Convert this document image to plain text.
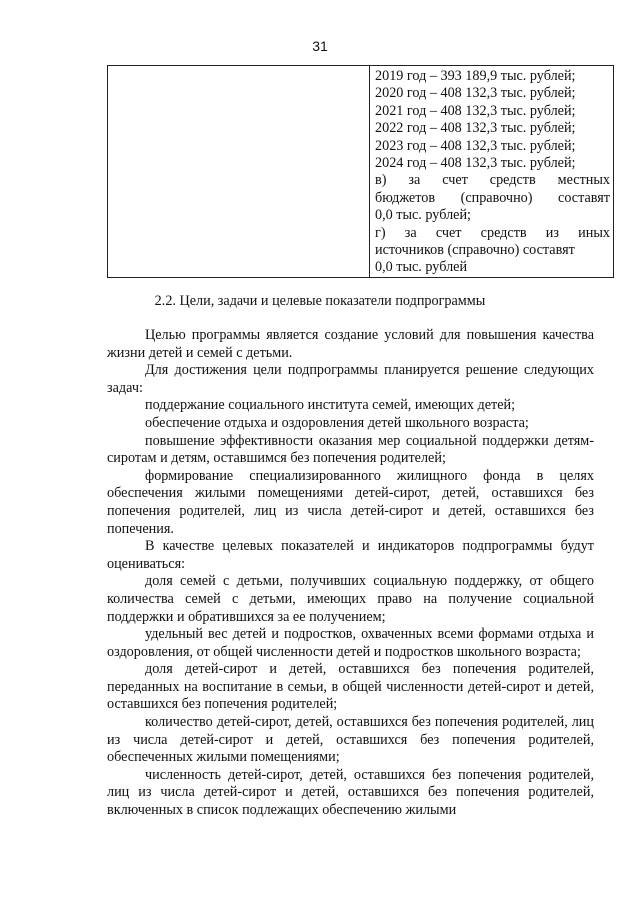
31

2019 год – 393 189,9 тыс. рублей;

2020 год – 408 132,3 тыс. рублей;

2021 год – 408 132,3 тыс. рублей;

2022 год – 408 132,3 тыс. рублей;

2023 год – 408 132,3 тыс. рублей;

2024 год – 408 132,3 тыс. рублей;

в) за счет средств местных

бюджетов (справочно) составят

0,0 тыс. рублей;

г) за счет средств из иных

источников (справочно) составят

0,0 тыс. рублей

2.2. Цели, задачи и целевые показатели подпрограммы

Целью программы является создание условий для повышения качества жизни детей и семей с детьми.

Для достижения цели подпрограммы планируется решение следующих задач:

поддержание социального института семей, имеющих детей;

обеспечение отдыха и оздоровления детей школьного возраста;

повышение эффективности оказания мер социальной поддержки детям-сиротам и детям, оставшимся без попечения родителей;

формирование специализированного жилищного фонда в целях обеспечения жилыми помещениями детей-сирот, детей, оставшихся без попечения родителей, лиц из числа детей-сирот и детей, оставшихся без попечения.

В качестве целевых показателей и индикаторов подпрограммы будут оцениваться:

доля семей с детьми, получивших социальную поддержку, от общего количества семей с детьми, имеющих право на получение социальной поддержки и обратившихся за ее получением;

удельный вес детей и подростков, охваченных всеми формами отдыха и оздоровления, от общей численности детей и подростков школьного возраста;

доля детей-сирот и детей, оставшихся без попечения родителей, переданных на воспитание в семьи, в общей численности детей-сирот и детей, оставшихся без попечения родителей;

количество детей-сирот, детей, оставшихся без попечения родителей, лиц из числа детей-сирот и детей, оставшихся без попечения родителей, обеспеченных жилыми помещениями;

численность детей-сирот, детей, оставшихся без попечения родителей, лиц из числа детей-сирот и детей, оставшихся без попечения родителей, включенных в список подлежащих обеспечению жилыми
